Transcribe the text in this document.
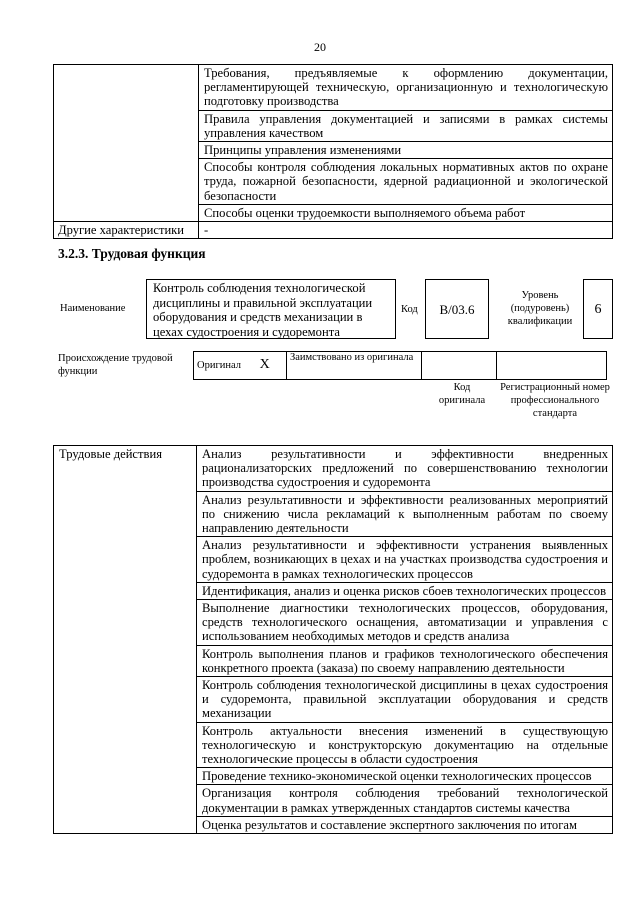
20
	Требования, предъявляемые к оформлению документации, регламентирующей техническую, организационную и технологическую подготовку производства
	Правила управления документацией и записями в рамках системы управления качеством
	Принципы управления изменениями
	Способы контроля соблюдения локальных нормативных актов по охране труда, пожарной безопасности, ядерной радиационной и экологической безопасности
	Способы оценки трудоемкости выполняемого объема работ
Другие характеристики	-
3.2.3. Трудовая функция
Наименование
Контроль соблюдения технологической дисциплины и правильной эксплуатации оборудования и средств механизации в цехах судостроения и судоремонта
Код	B/03.6
Уровень (подуровень) квалификации
6
Происхождение трудовой функции
Оригинал X	Заимствовано из оригинала		
Код оригинала
Регистрационный номер профессионального стандарта
Трудовые действия	Анализ результативности и эффективности внедренных рационализаторских предложений по совершенствованию технологии производства судостроения и судоремонта
Анализ результативности и эффективности реализованных мероприятий по снижению числа рекламаций к выполненным работам по своему направлению деятельности
Анализ результативности и эффективности устранения выявленных проблем, возникающих в цехах и на участках производства судостроения и судоремонта в рамках технологических процессов
Идентификация, анализ и оценка рисков сбоев технологических процессов
Выполнение диагностики технологических процессов, оборудования, средств технологического оснащения, автоматизации и управления с использованием необходимых методов и средств анализа
Контроль выполнения планов и графиков технологического обеспечения конкретного проекта (заказа) по своему направлению деятельности
Контроль соблюдения технологической дисциплины в цехах судостроения и судоремонта, правильной эксплуатации оборудования и средств механизации
Контроль актуальности внесения изменений в существующую технологическую и конструкторскую документацию на отдельные технологические процессы в области судостроения
Проведение технико-экономической оценки технологических процессов
Организация контроля соблюдения требований технологической документации в рамках утвержденных стандартов системы качества
Оценка результатов и составление экспертного заключения по итогам
